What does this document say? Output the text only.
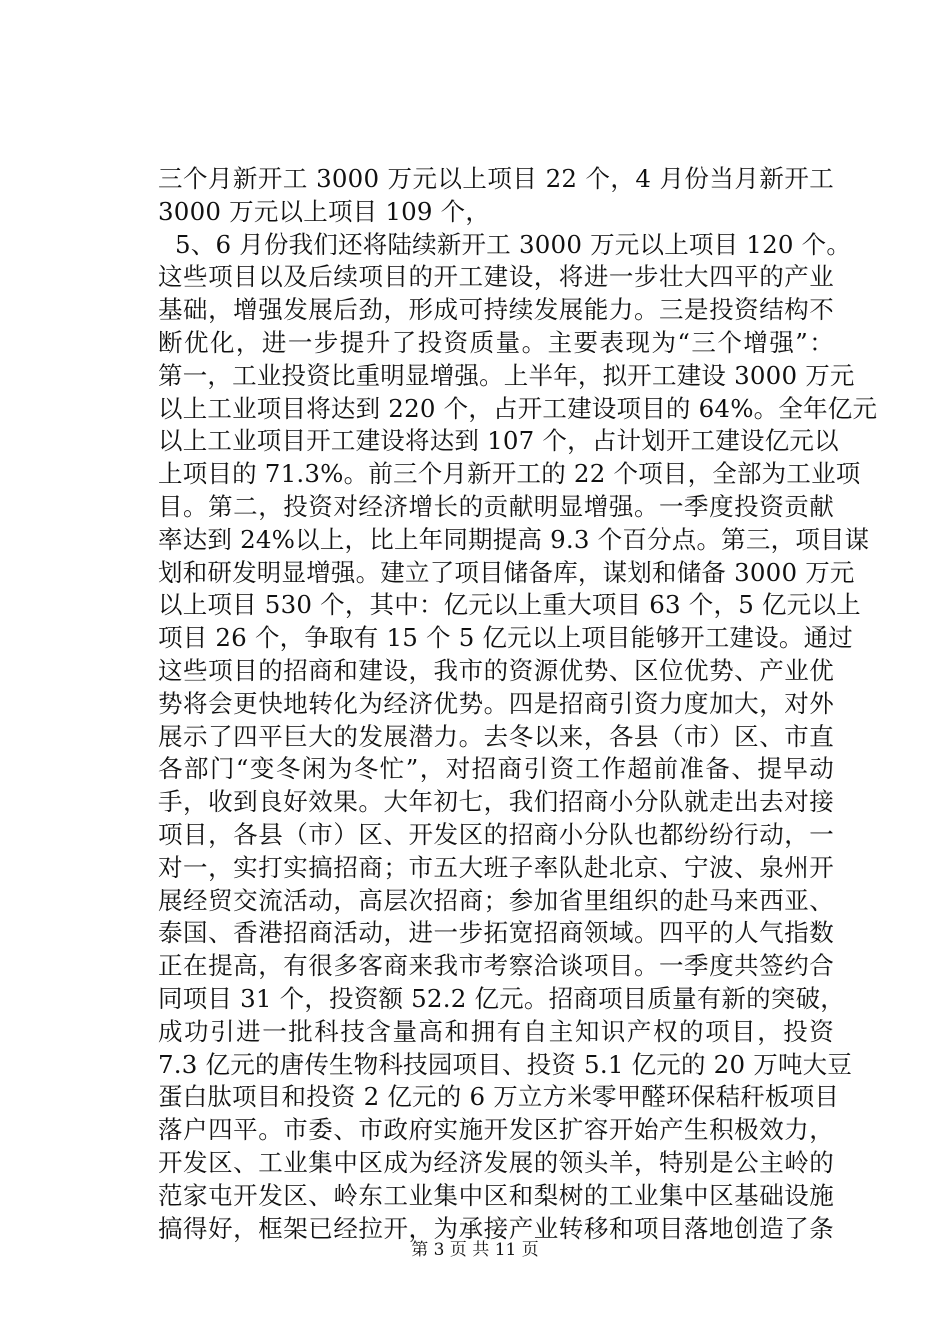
三个月新开工 3000 万元以上项目 22 个，4 月份当月新开工
3000 万元以上项目 109 个，
5、6 月份我们还将陆续新开工 3000 万元以上项目 120 个。
这些项目以及后续项目的开工建设，将进一步壮大四平的产业
基础，增强发展后劲，形成可持续发展能力。三是投资结构不
断优化，进一步提升了投资质量。主要表现为“三个增强”：
第一，工业投资比重明显增强。上半年，拟开工建设 3000 万元
以上工业项目将达到 220 个，占开工建设项目的 64%。全年亿元
以上工业项目开工建设将达到 107 个，占计划开工建设亿元以
上项目的 71.3%。前三个月新开工的 22 个项目，全部为工业项
目。第二，投资对经济增长的贡献明显增强。一季度投资贡献
率达到 24%以上，比上年同期提高 9.3 个百分点。第三，项目谋
划和研发明显增强。建立了项目储备库，谋划和储备 3000 万元
以上项目 530 个，其中：亿元以上重大项目 63 个，5 亿元以上
项目 26 个，争取有 15 个 5 亿元以上项目能够开工建设。通过
这些项目的招商和建设，我市的资源优势、区位优势、产业优
势将会更快地转化为经济优势。四是招商引资力度加大，对外
展示了四平巨大的发展潜力。去冬以来，各县（市）区、市直
各部门“变冬闲为冬忙”，对招商引资工作超前准备、提早动
手，收到良好效果。大年初七，我们招商小分队就走出去对接
项目，各县（市）区、开发区的招商小分队也都纷纷行动，一
对一，实打实搞招商；市五大班子率队赴北京、宁波、泉州开
展经贸交流活动，高层次招商；参加省里组织的赴马来西亚、
泰国、香港招商活动，进一步拓宽招商领域。四平的人气指数
正在提高，有很多客商来我市考察洽谈项目。一季度共签约合
同项目 31 个，投资额 52.2 亿元。招商项目质量有新的突破，
成功引进一批科技含量高和拥有自主知识产权的项目，投资
7.3 亿元的唐传生物科技园项目、投资 5.1 亿元的 20 万吨大豆
蛋白肽项目和投资 2 亿元的 6 万立方米零甲醛环保秸秆板项目
落户四平。市委、市政府实施开发区扩容开始产生积极效力，
开发区、工业集中区成为经济发展的领头羊，特别是公主岭的
范家屯开发区、岭东工业集中区和梨树的工业集中区基础设施
搞得好，框架已经拉开，为承接产业转移和项目落地创造了条
第 3 页 共 11 页
